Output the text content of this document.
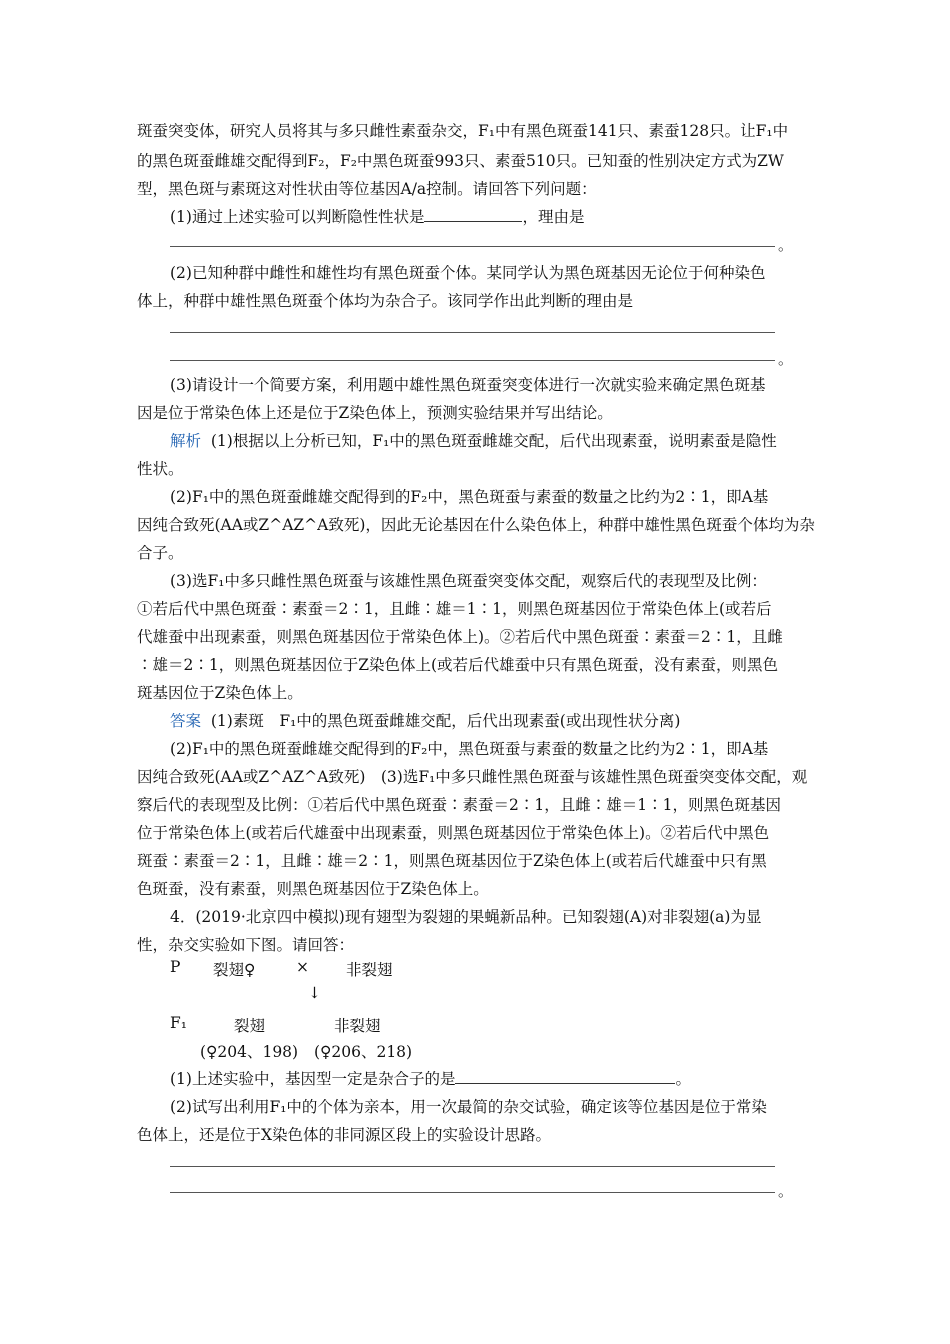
斑蚕突变体，研究人员将其与多只雌性素蚕杂交，F₁中有黑色斑蚕141只、素蚕128只。让F₁中
的黑色斑蚕雌雄交配得到F₂，F₂中黑色斑蚕993只、素蚕510只。已知蚕的性别决定方式为ZW
型，黑色斑与素斑这对性状由等位基因A/a控制。请回答下列问题：
(1)通过上述实验可以判断隐性性状是	，理由是
。
(2)已知种群中雌性和雄性均有黑色斑蚕个体。某同学认为黑色斑基因无论位于何种染色
体上，种群中雄性黑色斑蚕个体均为杂合子。该同学作出此判断的理由是
。
(3)请设计一个简要方案，利用题中雄性黑色斑蚕突变体进行一次就实验来确定黑色斑基
因是位于常染色体上还是位于Z染色体上，预测实验结果并写出结论。
解析 (1)根据以上分析已知，F₁中的黑色斑蚕雌雄交配，后代出现素蚕，说明素蚕是隐性
性状。
(2)F₁中的黑色斑蚕雌雄交配得到的F₂中，黑色斑蚕与素蚕的数量之比约为2∶1，即A基
因纯合致死(AA或Z^AZ^A致死)，因此无论基因在什么染色体上，种群中雄性黑色斑蚕个体均为杂
合子。
(3)选F₁中多只雌性黑色斑蚕与该雄性黑色斑蚕突变体交配，观察后代的表现型及比例：
①若后代中黑色斑蚕∶素蚕＝2∶1，且雌∶雄＝1∶1，则黑色斑基因位于常染色体上(或若后
代雄蚕中出现素蚕，则黑色斑基因位于常染色体上)。②若后代中黑色斑蚕∶素蚕＝2∶1，且雌
∶雄＝2∶1，则黑色斑基因位于Z染色体上(或若后代雄蚕中只有黑色斑蚕，没有素蚕，则黑色
斑基因位于Z染色体上。
答案 (1)素斑　F₁中的黑色斑蚕雌雄交配，后代出现素蚕(或出现性状分离)
(2)F₁中的黑色斑蚕雌雄交配得到的F₂中，黑色斑蚕与素蚕的数量之比约为2∶1，即A基
因纯合致死(AA或Z^AZ^A致死)　(3)选F₁中多只雌性黑色斑蚕与该雄性黑色斑蚕突变体交配，观
察后代的表现型及比例：①若后代中黑色斑蚕∶素蚕＝2∶1，且雌∶雄＝1∶1，则黑色斑基因
位于常染色体上(或若后代雄蚕中出现素蚕，则黑色斑基因位于常染色体上)。②若后代中黑色
斑蚕∶素蚕＝2∶1，且雌∶雄＝2∶1，则黑色斑基因位于Z染色体上(或若后代雄蚕中只有黑
色斑蚕，没有素蚕，则黑色斑基因位于Z染色体上。
4．(2019·北京四中模拟)现有翅型为裂翅的果蝇新品种。已知裂翅(A)对非裂翅(a)为显
性，杂交实验如下图。请回答：
P 裂翅♀	× 非裂翅
↓
F₁	裂翅	非裂翅
(♀204、198) (♀206、218)
(1)上述实验中，基因型一定是杂合子的是	。
(2)试写出利用F₁中的个体为亲本，用一次最简的杂交试验，确定该等位基因是位于常染
色体上，还是位于X染色体的非同源区段上的实验设计思路。
。
